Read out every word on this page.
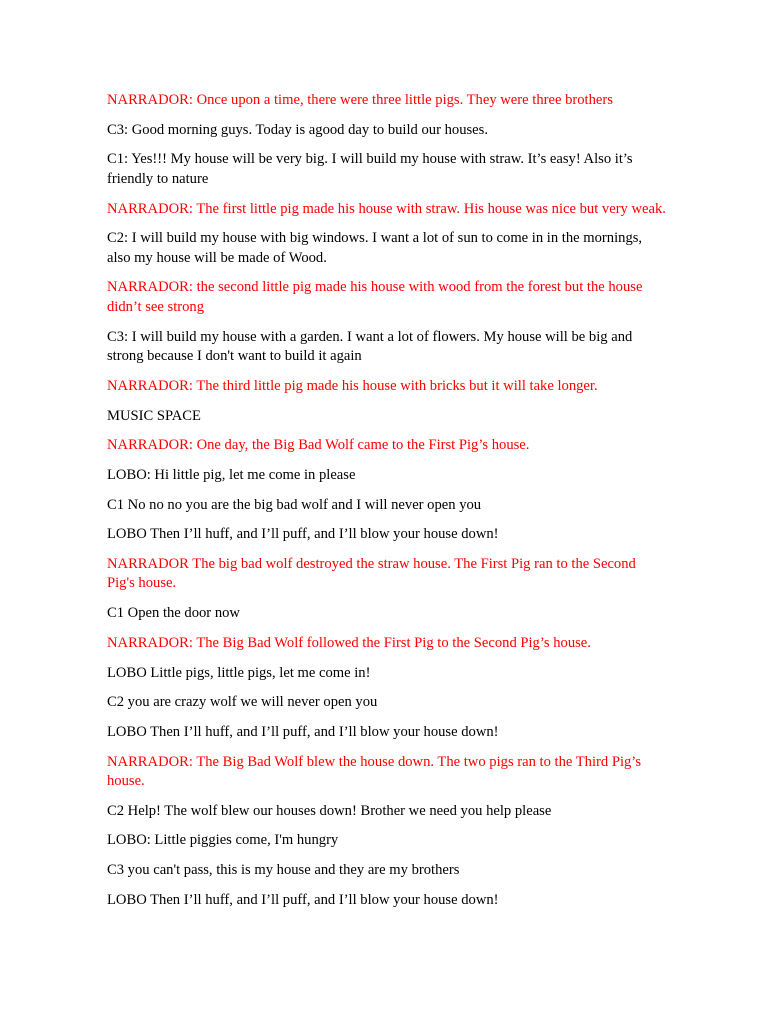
NARRADOR: Once upon a time, there were three little pigs. They were three brothers

C3: Good morning guys. Today is agood day to build our houses.

C1: Yes!!! My house will be very big. I will build my house with straw. It’s easy! Also it’s friendly to nature

NARRADOR: The first little pig made his house with straw. His house was nice but very weak.

C2: I will build my house with big windows. I want a lot of sun to come in in the mornings, also my house will be made of Wood.

NARRADOR: the second little pig made his house with wood from the forest but the house didn’t see strong

C3: I will build my house with a garden. I want a lot of flowers. My house will be big and strong because I don't want to build it again

NARRADOR: The third little pig made his house with bricks but it will take longer.

MUSIC SPACE

NARRADOR: One day, the Big Bad Wolf came to the First Pig’s house.

LOBO: Hi little pig, let me come in please

C1 No no no you are the big bad wolf and I will never open you

LOBO Then I’ll huff, and I’ll puff, and I’ll blow your house down!

NARRADOR The big bad wolf destroyed the straw house. The First Pig ran to the Second Pig's house.

C1 Open the door now

NARRADOR: The Big Bad Wolf followed the First Pig to the Second Pig’s house.

LOBO Little pigs, little pigs, let me come in!

C2 you are crazy wolf we will never open you

LOBO Then I’ll huff, and I’ll puff, and I’ll blow your house down!

NARRADOR: The Big Bad Wolf blew the house down. The two pigs ran to the Third Pig’s house.

C2 Help! The wolf blew our houses down! Brother we need you help please

LOBO: Little piggies come, I'm hungry

C3 you can't pass, this is my house and they are my brothers

LOBO Then I’ll huff, and I’ll puff, and I’ll blow your house down!
